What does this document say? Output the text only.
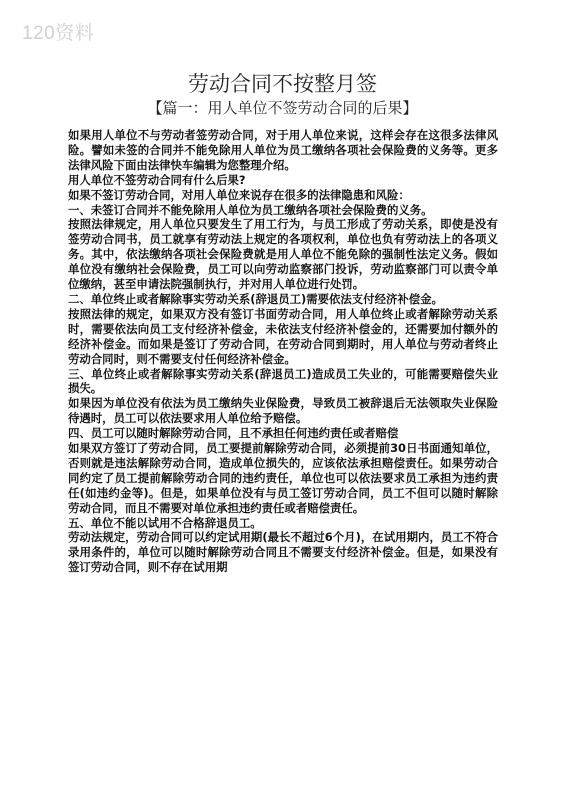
120资料
劳动合同不按整月签
【篇一：用人单位不签劳动合同的后果】

如果用人单位不与劳动者签劳动合同，对于用人单位来说，这样会存在这很多法律风险。譬如未签的合同并不能免除用人单位为员工缴纳各项社会保险费的义务等。更多法律风险下面由法律快车编辑为您整理介绍。

用人单位不签劳动合同有什么后果?

如果不签订劳动合同，对用人单位来说存在很多的法律隐患和风险：

一、未签订合同并不能免除用人单位为员工缴纳各项社会保险费的义务。

按照法律规定，用人单位只要发生了用工行为，与员工形成了劳动关系，即使是没有签劳动合同书，员工就享有劳动法上规定的各项权利，单位也负有劳动法上的各项义务。其中，依法缴纳各项社会保险费就是用人单位不能免除的强制性法定义务。假如单位没有缴纳社会保险费，员工可以向劳动监察部门投诉，劳动监察部门可以责令单位缴纳，甚至申请法院强制执行，并对用人单位进行处罚。

二、单位终止或者解除事实劳动关系(辞退员工)需要依法支付经济补偿金。

按照法律的规定，如果双方没有签订书面劳动合同，用人单位终止或者解除劳动关系时，需要依法向员工支付经济补偿金，未依法支付经济补偿金的，还需要加付额外的经济补偿金。而如果是签订了劳动合同，在劳动合同到期时，用人单位与劳动者终止劳动合同时，则不需要支付任何经济补偿金。

三、单位终止或者解除事实劳动关系(辞退员工)造成员工失业的，可能需要赔偿失业损失。

如果因为单位没有依法为员工缴纳失业保险费，导致员工被辞退后无法领取失业保险待遇时，员工可以依法要求用人单位给予赔偿。

四、员工可以随时解除劳动合同，且不承担任何违约责任或者赔偿

如果双方签订了劳动合同，员工要提前解除劳动合同，必须提前30日书面通知单位，否则就是违法解除劳动合同，造成单位损失的，应该依法承担赔偿责任。如果劳动合同约定了员工提前解除劳动合同的违约责任，单位也可以依法要求员工承担为违约责任(如违约金等)。但是，如果单位没有与员工签订劳动合同，员工不但可以随时解除劳动合同，而且不需要对单位承担违约责任或者赔偿责任。

五、单位不能以试用不合格辞退员工。

劳动法规定，劳动合同可以约定试用期(最长不超过6个月)，在试用期内，员工不符合录用条件的，单位可以随时解除劳动合同且不需要支付经济补偿金。但是，如果没有签订劳动合同，则不存在试用期
